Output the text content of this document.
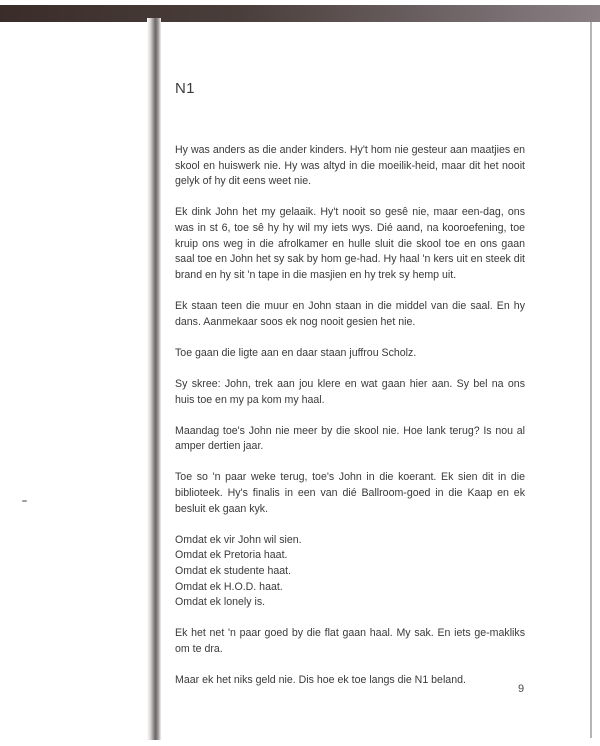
N1

Hy was anders as die ander kinders. Hy't hom nie gesteur aan maatjies en skool en huiswerk nie. Hy was altyd in die moeilik-heid, maar dit het nooit gelyk of hy dit eens weet nie.

Ek dink John het my gelaaik. Hy't nooit so gesê nie, maar een-dag, ons was in st 6, toe sê hy hy wil my iets wys. Dié aand, na kooroefening, toe kruip ons weg in die afrolkamer en hulle sluit die skool toe en ons gaan saal toe en John het sy sak by hom ge-had. Hy haal 'n kers uit en steek dit brand en hy sit 'n tape in die masjien en hy trek sy hemp uit.

Ek staan teen die muur en John staan in die middel van die saal. En hy dans. Aanmekaar soos ek nog nooit gesien het nie.

Toe gaan die ligte aan en daar staan juffrou Scholz.

Sy skree: John, trek aan jou klere en wat gaan hier aan. Sy bel na ons huis toe en my pa kom my haal.

Maandag toe's John nie meer by die skool nie. Hoe lank terug? Is nou al amper dertien jaar.

Toe so 'n paar weke terug, toe's John in die koerant. Ek sien dit in die biblioteek. Hy's finalis in een van dié Ballroom-goed in die Kaap en ek besluit ek gaan kyk.

Omdat ek vir John wil sien.
Omdat ek Pretoria haat.
Omdat ek studente haat.
Omdat ek H.O.D. haat.
Omdat ek lonely is.

Ek het net 'n paar goed by die flat gaan haal. My sak. En iets ge-makliks om te dra.

Maar ek het niks geld nie. Dis hoe ek toe langs die N1 beland.

9
